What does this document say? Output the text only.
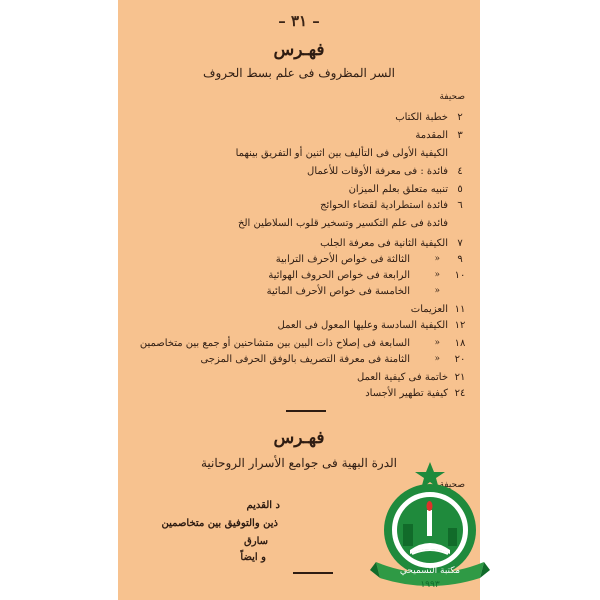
– ٣١ –
فهـرس
السر المظروف فى علم بسط الحروف
صحيفة
٢
خطبة الكتاب
٣
المقدمة
الكيفية الأولى فى التأليف بين اثنين أو التفريق بينهما
٤
فائدة : فى معرفة الأوقات للأعمال
٥
تنبيه متعلق بعلم الميزان
٦
فائدة استطرادية لقضاء الحوائج
فائدة فى علم التكسير وتسخير قلوب السلاطين الخ
٧
الكيفية الثانية فى معرفة الجلب
٩
«
الثالثة فى خواص الأحرف الترابية
١٠
«
الرابعة فى خواص الحروف الهوائية
«
الخامسة فى خواص الأحرف المائية
١١
العزيمات
١٢
الكيفية السادسة وعليها المعول فى العمل
١٨
«
السابعة فى إصلاح ذات البين بين متشاحنين أو جمع بين متخاصمين
٢٠
«
الثامنة فى معرفة التصريف بالوفق الحرفى المزجى
٢١
خاتمة فى كيفية العمل
٢٤
كيفية تطهير الأجساد
فهـرس
الدرة البهية فى جوامع الأسرار الروحانية
صحيفة
د القديم
ذين والتوفيق بين متخاصمين
سارق
و ايضاً
مكتبة التسميحي
١٩٩٣
